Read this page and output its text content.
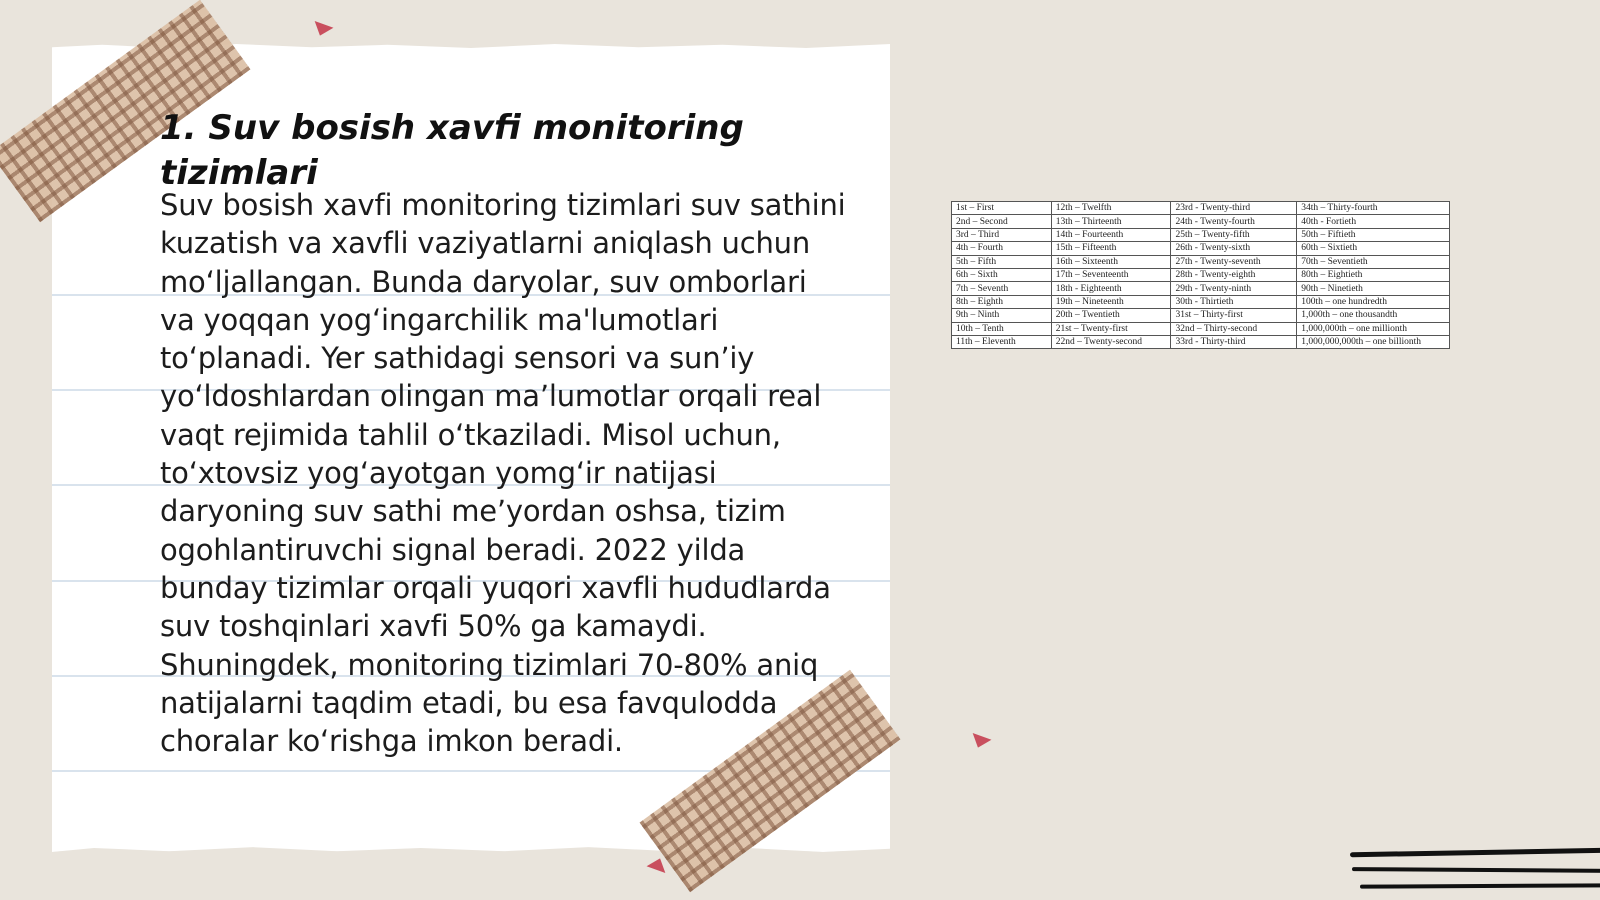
1. Suv bosish xavfi monitoring tizimlari
Suv bosish xavfi monitoring tizimlari suv sathini kuzatish va xavfli vaziyatlarni aniqlash uchun mo‘ljallangan. Bunda daryolar, suv omborlari va yoqqan yog‘ingarchilik ma'lumotlari to‘planadi. Yer sathidagi sensori va sun’iy yo‘ldoshlardan olingan ma’lumotlar orqali real vaqt rejimida tahlil o‘tkaziladi. Misol uchun, to‘xtovsiz yog‘ayotgan yomg‘ir natijasi daryoning suv sathi me’yordan oshsa, tizim ogohlantiruvchi signal beradi. 2022 yilda bunday tizimlar orqali yuqori xavfli hududlarda suv toshqinlari xavfi 50% ga kamaydi. Shuningdek, monitoring tizimlari 70-80% aniq natijalarni taqdim etadi, bu esa favqulodda choralar ko‘rishga imkon beradi.
1st – First	12th – Twelfth	23rd - Twenty-third	34th – Thirty-fourth
2nd – Second	13th – Thirteenth	24th - Twenty-fourth	40th - Fortieth
3rd – Third	14th – Fourteenth	25th – Twenty-fifth	50th – Fiftieth
4th – Fourth	15th – Fifteenth	26th - Twenty-sixth	60th – Sixtieth
5th – Fifth	16th – Sixteenth	27th - Twenty-seventh	70th – Seventieth
6th – Sixth	17th – Seventeenth	28th - Twenty-eighth	80th – Eightieth
7th – Seventh	18th - Eighteenth	29th - Twenty-ninth	90th – Ninetieth
8th – Eighth	19th – Nineteenth	30th - Thirtieth	100th – one hundredth
9th – Ninth	20th – Twentieth	31st – Thirty-first	1,000th – one thousandth
10th – Tenth	21st – Twenty-first	32nd – Thirty-second	1,000,000th – one millionth
11th – Eleventh	22nd – Twenty-second	33rd - Thirty-third	1,000,000,000th – one billionth
